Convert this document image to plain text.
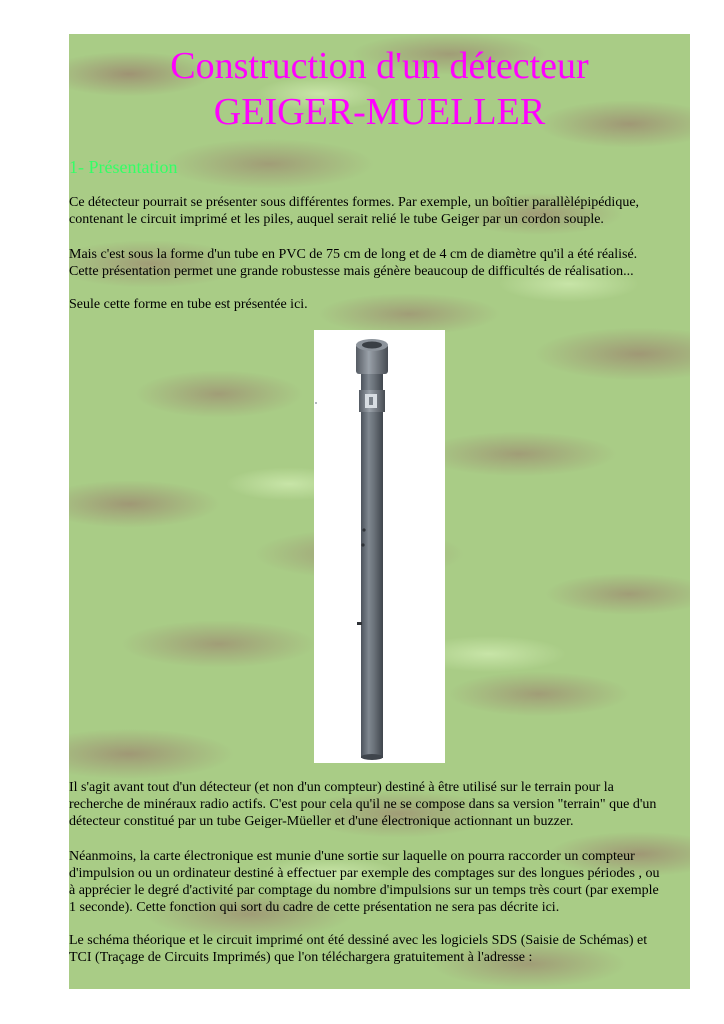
Construction d'un détecteur
GEIGER-MUELLER
1- Présentation

Ce détecteur pourrait se présenter sous différentes formes. Par exemple, un boîtier parallèlépipédique,
contenant le circuit imprimé et les piles, auquel serait relié le tube Geiger par un cordon souple.

Mais c'est sous la forme d'un tube en PVC de 75 cm de long et de 4 cm de diamètre qu'il a été réalisé.
Cette présentation permet une grande robustesse mais génère beaucoup de difficultés de réalisation...

Seule cette forme en tube est présentée ici.

Il s'agit avant tout d'un détecteur (et non d'un compteur) destiné à être utilisé sur le terrain pour la
recherche de minéraux radio actifs. C'est pour cela qu'il ne se compose dans sa version "terrain" que d'un
détecteur constitué par un tube Geiger-Müeller et d'une électronique actionnant un buzzer.

Néanmoins, la carte électronique est munie d'une sortie sur laquelle on pourra raccorder un compteur
d'impulsion ou un ordinateur destiné à effectuer par exemple des comptages sur des longues périodes , ou
à apprécier le degré d'activité par comptage du nombre d'impulsions sur un temps très court (par exemple
1 seconde). Cette fonction qui sort du cadre de cette présentation ne sera pas décrite ici.

Le schéma théorique et le circuit imprimé ont été dessiné avec les logiciels SDS (Saisie de Schémas) et
TCI (Traçage de Circuits Imprimés) que l'on téléchargera gratuitement à l'adresse :
